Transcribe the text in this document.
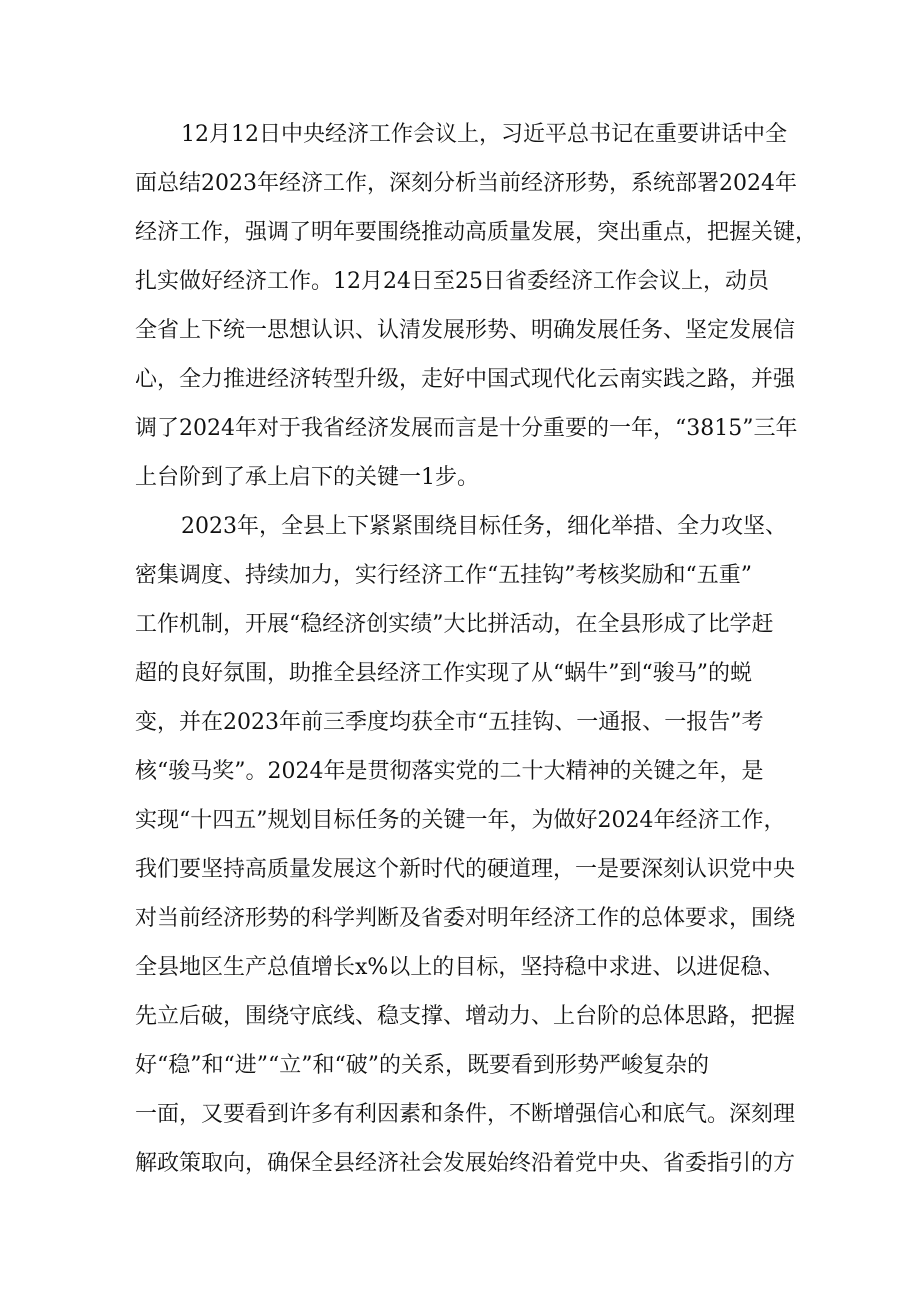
12月12日中央经济工作会议上，习近平总书记在重要讲话中全
面总结2023年经济工作，深刻分析当前经济形势，系统部署2024年
经济工作，强调了明年要围绕推动高质量发展，突出重点，把握关键，
扎实做好经济工作。12月24日至25日省委经济工作会议上，动员
全省上下统一思想认识、认清发展形势、明确发展任务、坚定发展信
心，全力推进经济转型升级，走好中国式现代化云南实践之路，并强
调了2024年对于我省经济发展而言是十分重要的一年，“3815”三年
上台阶到了承上启下的关键一1步。
2023年，全县上下紧紧围绕目标任务，细化举措、全力攻坚、
密集调度、持续加力，实行经济工作“五挂钩”考核奖励和“五重”
工作机制，开展“稳经济创实绩”大比拼活动，在全县形成了比学赶
超的良好氛围，助推全县经济工作实现了从“蜗牛”到“骏马”的蜕
变，并在2023年前三季度均获全市“五挂钩、一通报、一报告”考
核“骏马奖”。2024年是贯彻落实党的二十大精神的关键之年，是
实现“十四五”规划目标任务的关键一年，为做好2024年经济工作，
我们要坚持高质量发展这个新时代的硬道理，一是要深刻认识党中央
对当前经济形势的科学判断及省委对明年经济工作的总体要求，围绕
全县地区生产总值增长x%以上的目标，坚持稳中求进、以进促稳、
先立后破，围绕守底线、稳支撑、增动力、上台阶的总体思路，把握
好“稳”和“进”“立”和“破”的关系，既要看到形势严峻复杂的
一面，又要看到许多有利因素和条件，不断增强信心和底气。深刻理
解政策取向，确保全县经济社会发展始终沿着党中央、省委指引的方
